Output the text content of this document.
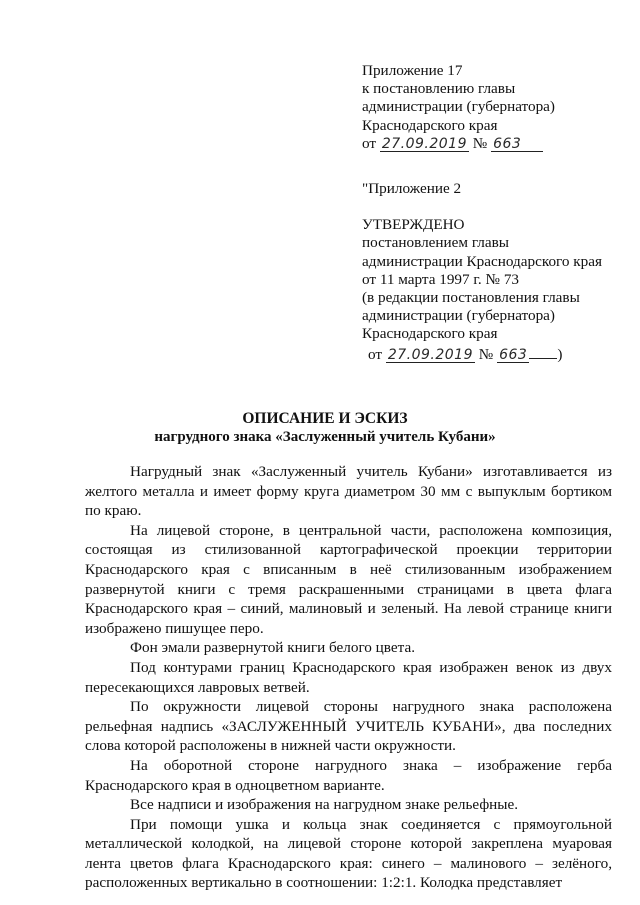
Приложение 17
к постановлению главы
администрации (губернатора)
Краснодарского края
от 27.09.2019 № 663
"Приложение 2
УТВЕРЖДЕНО
постановлением главы
администрации Краснодарского края
от 11 марта 1997 г. № 73
(в редакции постановления главы
администрации (губернатора)
Краснодарского края
от 27.09.2019 № 663 )
ОПИСАНИЕ И ЭСКИЗ
нагрудного знака «Заслуженный учитель Кубани»

Нагрудный знак «Заслуженный учитель Кубани» изготавливается из желтого металла и имеет форму круга диаметром 30 мм с выпуклым бортиком по краю.

На лицевой стороне, в центральной части, расположена композиция, состоящая из стилизованной картографической проекции территории Краснодарского края с вписанным в неё стилизованным изображением развернутой книги с тремя раскрашенными страницами в цвета флага Краснодарского края – синий, малиновый и зеленый. На левой странице книги изображено пишущее перо.

Фон эмали развернутой книги белого цвета.

Под контурами границ Краснодарского края изображен венок из двух пересекающихся лавровых ветвей.

По окружности лицевой стороны нагрудного знака расположена рельефная надпись «ЗАСЛУЖЕННЫЙ УЧИТЕЛЬ КУБАНИ», два последних слова которой расположены в нижней части окружности.

На оборотной стороне нагрудного знака – изображение герба Краснодарского края в одноцветном варианте.

Все надписи и изображения на нагрудном знаке рельефные.

При помощи ушка и кольца знак соединяется с прямоугольной металлической колодкой, на лицевой стороне которой закреплена муаровая лента цветов флага Краснодарского края: синего – малинового – зелёного, расположенных вертикально в соотношении: 1:2:1. Колодка представляет
